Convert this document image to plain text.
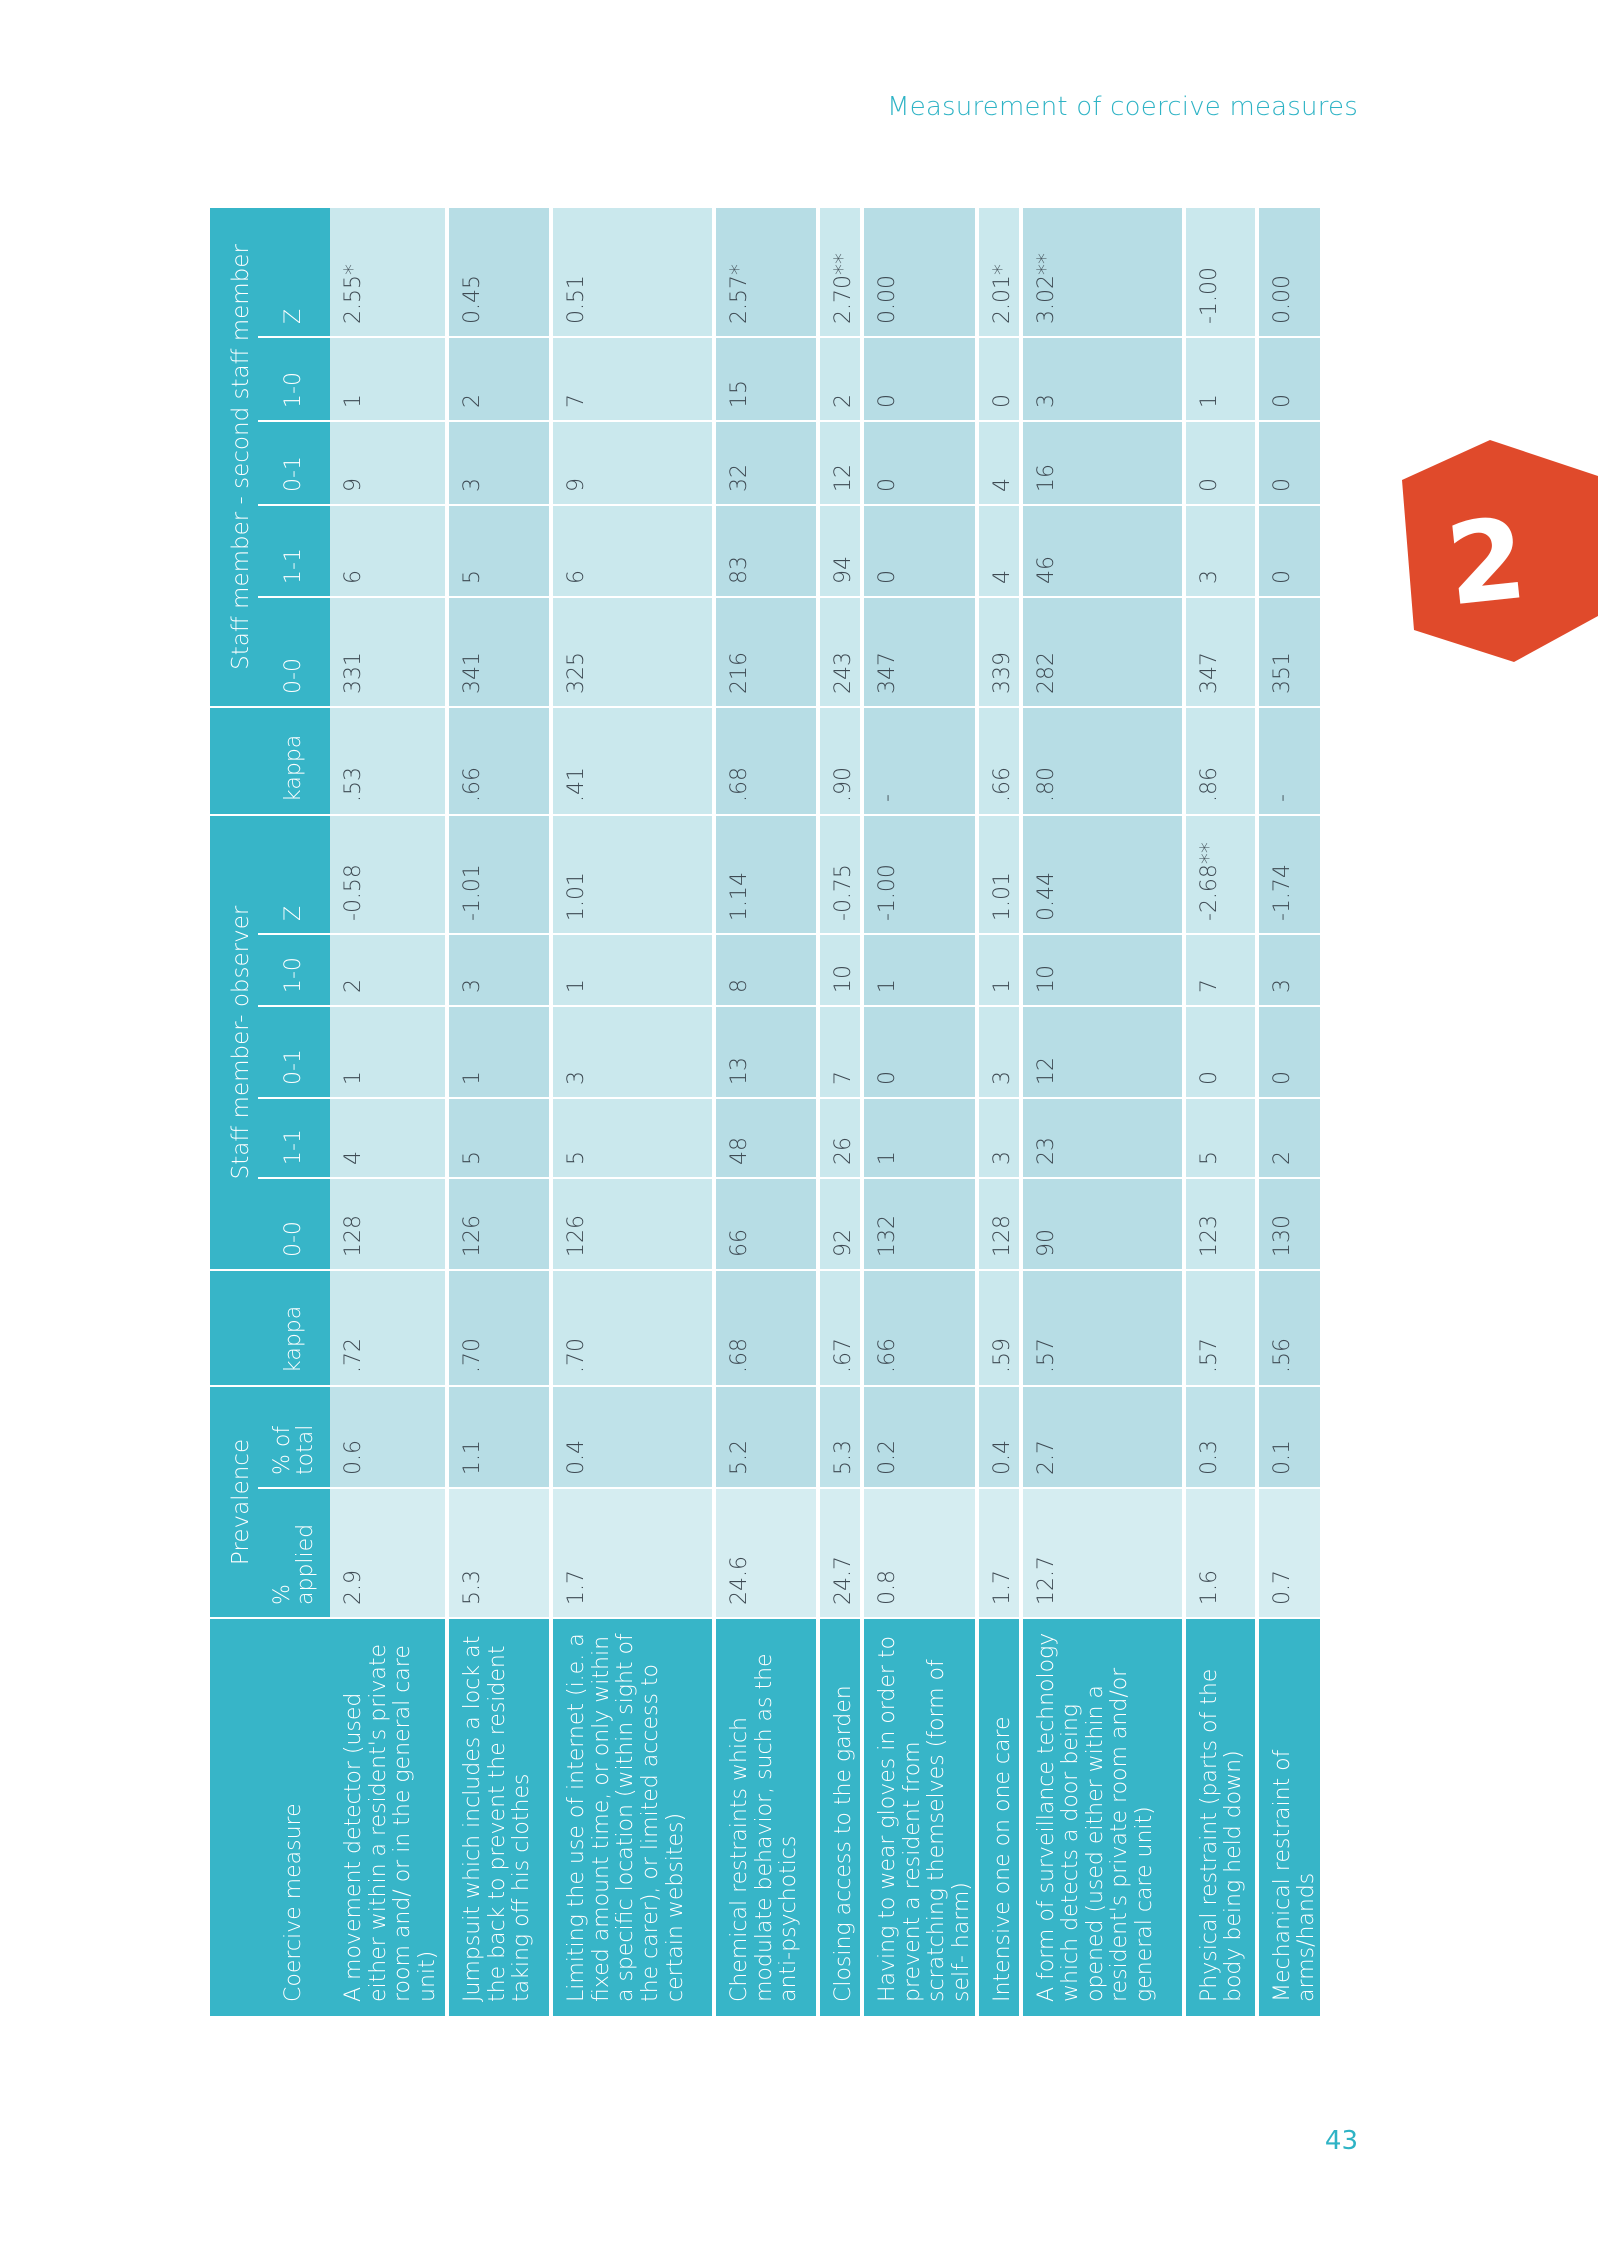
Measurement of coercive measures
	Prevalence			Staff member- observer						Staff member - second staff member				
Coercive measure	% applied	% of total	kappa	0-0	1-1	0-1	1-0	Z	kappa	0-0	1-1	0-1	1-0	Z
A movement detector (used either within a resident's private room and/ or in the general care unit)	2.9	0.6	.72	128	4	1	2	-0.58	.53	331	6	9	1	2.55*
Jumpsuit which includes a lock at the back to prevent the resident taking off his clothes	5.3	1.1	.70	126	5	1	3	-1.01	.66	341	5	3	2	0.45
Limiting the use of internet (i.e. a fixed amount time, or only within a specific location (within sight of the carer), or limited access to certain websites)	1.7	0.4	.70	126	5	3	1	1.01	.41	325	6	9	7	0.51
Chemical restraints which modulate behavior, such as the anti-psychotics	24.6	5.2	.68	66	48	13	8	1.14	.68	216	83	32	15	2.57*
Closing access to the garden	24.7	5.3	.67	92	26	7	10	-0.75	.90	243	94	12	2	2.70**
Having to wear gloves in order to prevent a resident from scratching themselves (form of self- harm)	0.8	0.2	.66	132	1	0	1	-1.00	-	347	0	0	0	0.00
Intensive one on one care	1.7	0.4	.59	128	3	3	1	1.01	.66	339	4	4	0	2.01*
A form of surveillance technology which detects a door being opened (used either within a resident's private room and/or general care unit)	12.7	2.7	.57	90	23	12	10	0.44	.80	282	46	16	3	3.02**
Physical restraint (parts of the body being held down)	1.6	0.3	.57	123	5	0	7	-2.68**	.86	347	3	0	1	-1.00
Mechanical restraint of arms/hands	0.7	0.1	.56	130	2	0	3	-1.74	-	351	0	0	0	0.00
2
43
